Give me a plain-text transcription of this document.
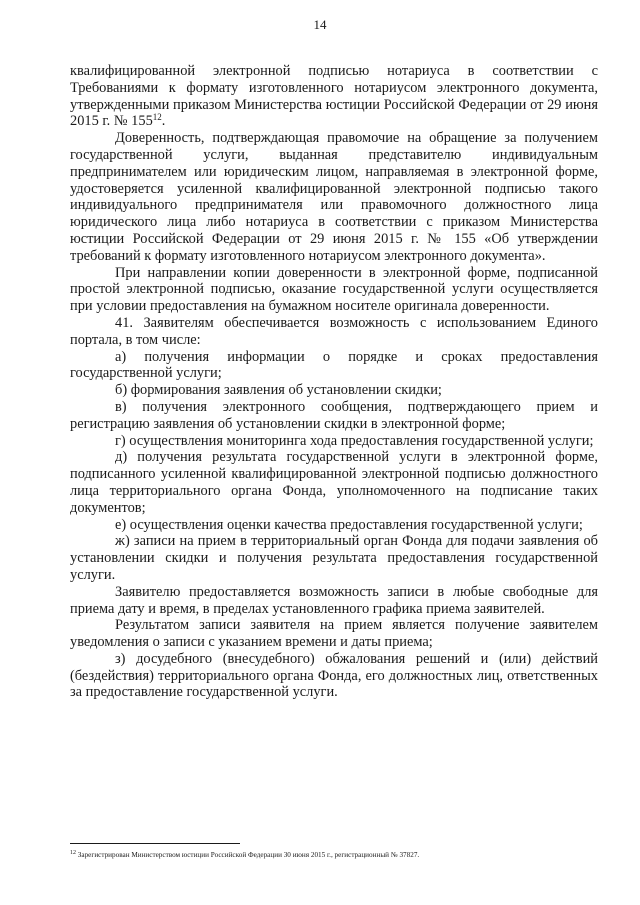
14

квалифицированной электронной подписью нотариуса в соответствии с Требованиями к формату изготовленного нотариусом электронного документа, утвержденными приказом Министерства юстиции Российской Федерации от 29 июня 2015 г. № $155^{12}$.

Доверенность, подтверждающая правомочие на обращение за получением государственной услуги, выданная представителю индивидуальным предпринимателем или юридическим лицом, направляемая в электронной форме, удостоверяется усиленной квалифицированной электронной подписью такого индивидуального предпринимателя или правомочного должностного лица юридического лица либо нотариуса в соответствии с приказом Министерства юстиции Российской Федерации от 29 июня 2015 г. № 155 «Об утверждении требований к формату изготовленного нотариусом электронного документа».

При направлении копии доверенности в электронной форме, подписанной простой электронной подписью, оказание государственной услуги осуществляется при условии предоставления на бумажном носителе оригинала доверенности.

41. Заявителям обеспечивается возможность с использованием Единого портала, в том числе:

а) получения информации о порядке и сроках предоставления государственной услуги;

б) формирования заявления об установлении скидки;

в) получения электронного сообщения, подтверждающего прием и регистрацию заявления об установлении скидки в электронной форме;

г) осуществления мониторинга хода предоставления государственной услуги;

д) получения результата государственной услуги в электронной форме, подписанного усиленной квалифицированной электронной подписью должностного лица территориального органа Фонда, уполномоченного на подписание таких документов;

е) осуществления оценки качества предоставления государственной услуги;

ж) записи на прием в территориальный орган Фонда для подачи заявления об установлении скидки и получения результата предоставления государственной услуги.

Заявителю предоставляется возможность записи в любые свободные для приема дату и время, в пределах установленного графика приема заявителей.

Результатом записи заявителя на прием является получение заявителем уведомления о записи с указанием времени и даты приема;

з) досудебного (внесудебного) обжалования решений и (или) действий (бездействия) территориального органа Фонда, его должностных лиц, ответственных за предоставление государственной услуги.

$^{12}$ Зарегистрирован Министерством юстиции Российской Федерации 30 июня 2015 г., регистрационный № 37827.
